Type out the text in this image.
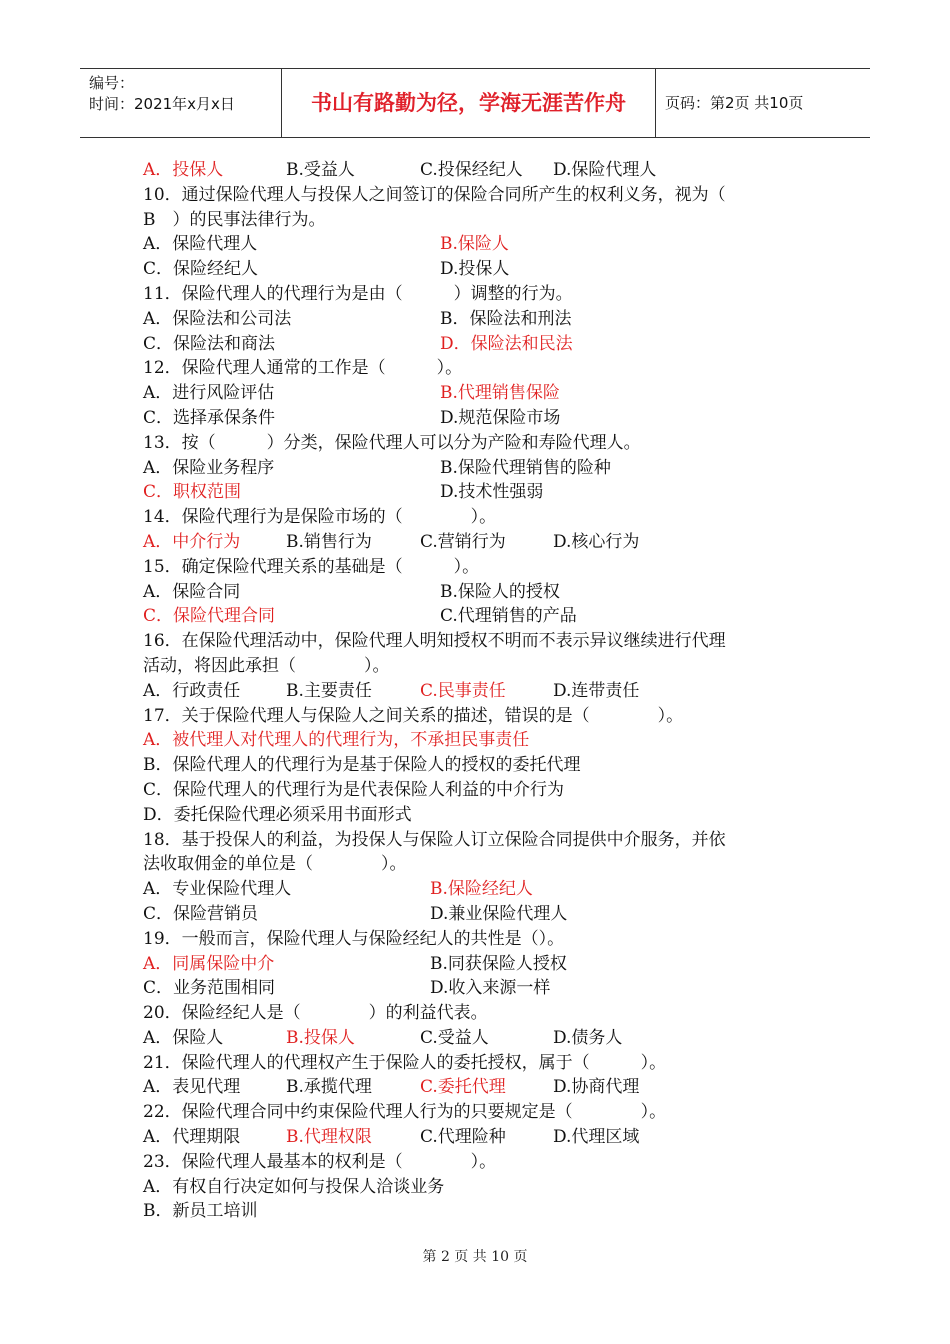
编号：
时间：2021年x月x日	书山有路勤为径，学海无涯苦作舟	页码：第2页 共10页
A．投保人	B.受益人	C.投保经纪人 D.保险代理人
10．通过保险代理人与投保人之间签订的保险合同所产生的权利义务，视为（
B　）的民事法律行为。
A．保险代理人	B.保险人
C．保险经纪人	D.投保人
11．保险代理人的代理行为是由（　　　）调整的行为。
A．保险法和公司法	B．保险法和刑法
C．保险法和商法	D．保险法和民法
12．保险代理人通常的工作是（　　　）。
A．进行风险评估	B.代理销售保险
C．选择承保条件	D.规范保险市场
13．按（　　　）分类，保险代理人可以分为产险和寿险代理人。
A．保险业务程序	B.保险代理销售的险种
C．职权范围	D.技术性强弱
14．保险代理行为是保险市场的（　　　　）。
A．中介行为	B.销售行为	C.营销行为	D.核心行为
15．确定保险代理关系的基础是（　　　）。
A．保险合同	B.保险人的授权
C．保险代理合同	C.代理销售的产品
16．在保险代理活动中，保险代理人明知授权不明而不表示异议继续进行代理
活动，将因此承担（　　　　）。
A．行政责任	B.主要责任	C.民事责任	D.连带责任
17．关于保险代理人与保险人之间关系的描述，错误的是（　　　　）。
A．被代理人对代理人的代理行为，不承担民事责任
B．保险代理人的代理行为是基于保险人的授权的委托代理
C．保险代理人的代理行为是代表保险人利益的中介行为
D．委托保险代理必须采用书面形式
18．基于投保人的利益，为投保人与保险人订立保险合同提供中介服务，并依
法收取佣金的单位是（　　　　）。
A．专业保险代理人	B.保险经纪人
C．保险营销员	D.兼业保险代理人
19．一般而言，保险代理人与保险经纪人的共性是（）。
A．同属保险中介	B.同获保险人授权
C．业务范围相同	D.收入来源一样
20．保险经纪人是（　　　　）的利益代表。
A．保险人	B.投保人	C.受益人	D.债务人
21．保险代理人的代理权产生于保险人的委托授权，属于（　　　）。
A．表见代理	B.承揽代理	C.委托代理	D.协商代理
22．保险代理合同中约束保险代理人行为的只要规定是（　　　　）。
A．代理期限	B.代理权限	C.代理险种	D.代理区域
23．保险代理人最基本的权利是（　　　　）。
A．有权自行决定如何与投保人洽谈业务
B．新员工培训
第 2 页 共 10 页
